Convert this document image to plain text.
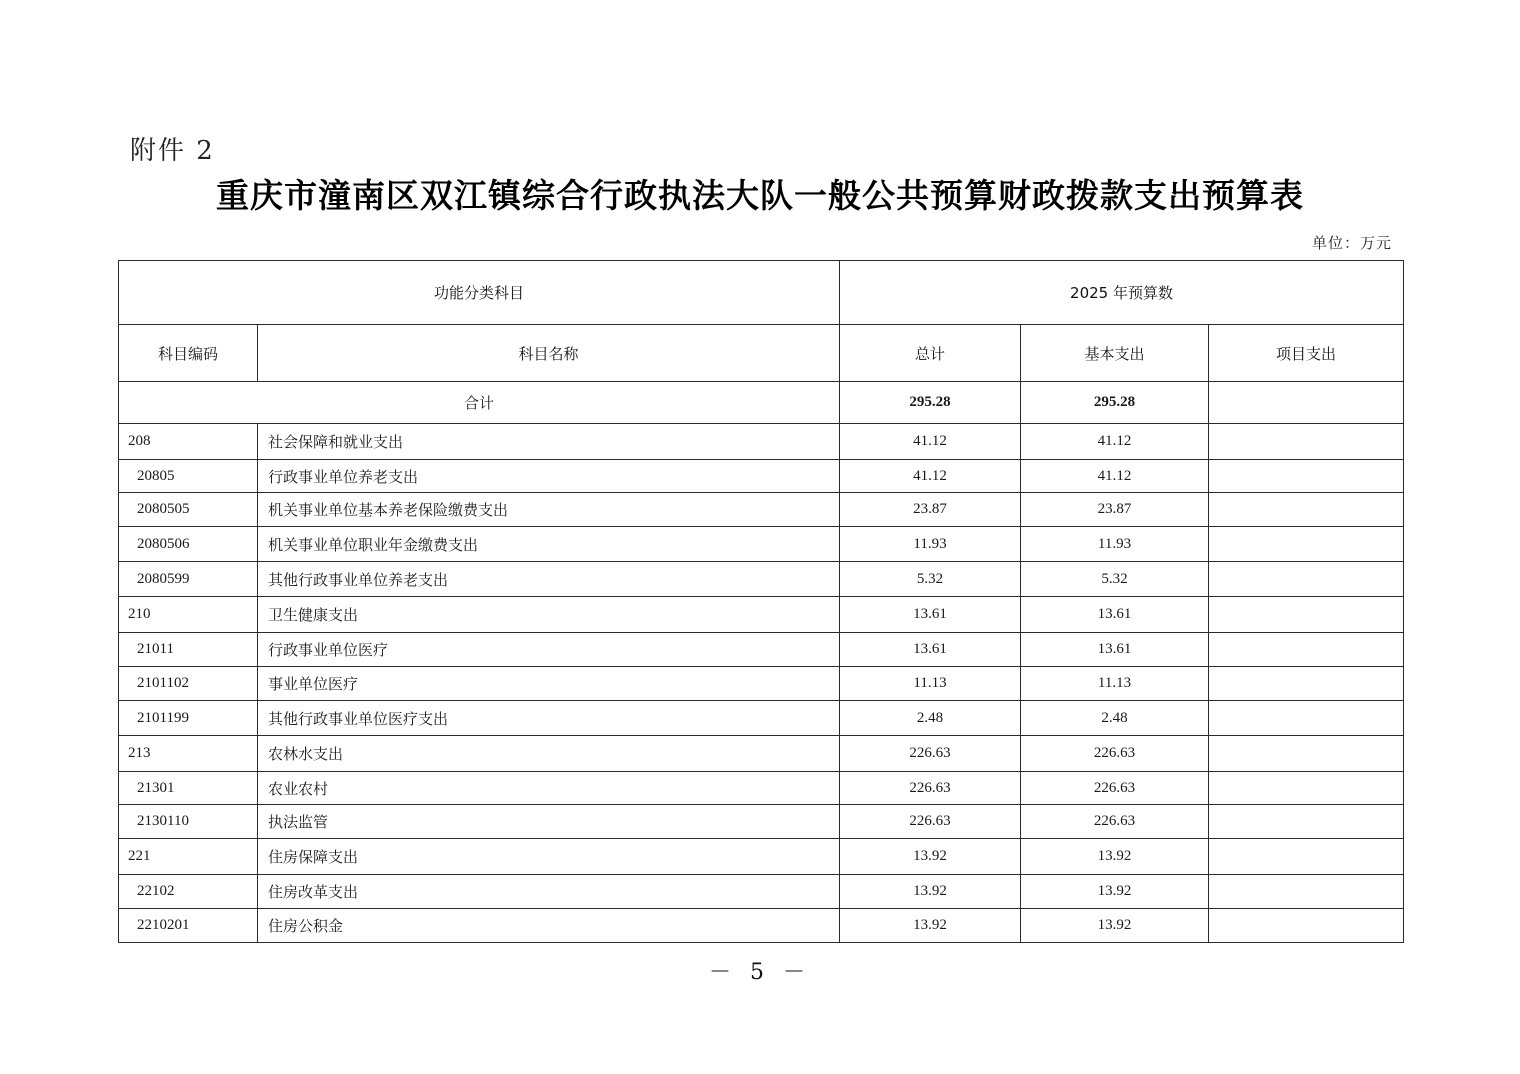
附件 2
重庆市潼南区双江镇综合行政执法大队一般公共预算财政拨款支出预算表
单位：万元
功能分类科目		2025 年预算数		
科目编码	科目名称	总计	基本支出	项目支出
合计		295.28	295.28	
208	社会保障和就业支出	41.12	41.12	
20805	行政事业单位养老支出	41.12	41.12	
2080505	机关事业单位基本养老保险缴费支出	23.87	23.87	
2080506	机关事业单位职业年金缴费支出	11.93	11.93	
2080599	其他行政事业单位养老支出	5.32	5.32	
210	卫生健康支出	13.61	13.61	
21011	行政事业单位医疗	13.61	13.61	
2101102	事业单位医疗	11.13	11.13	
2101199	其他行政事业单位医疗支出	2.48	2.48	
213	农林水支出	226.63	226.63	
21301	农业农村	226.63	226.63	
2130110	执法监管	226.63	226.63	
221	住房保障支出	13.92	13.92	
22102	住房改革支出	13.92	13.92	
2210201	住房公积金	13.92	13.92	
－ 5 －
